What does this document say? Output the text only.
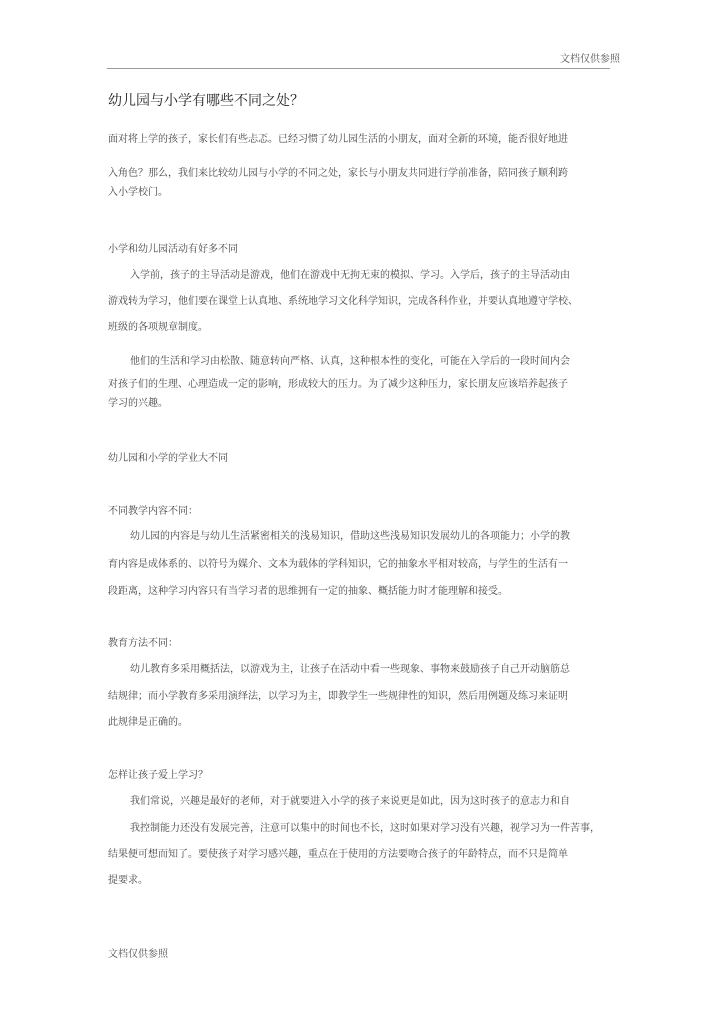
文档仅供参照
幼儿园与小学有哪些不同之处？
面对将上学的孩子，家长们有些忐忑。已经习惯了幼儿园生活的小朋友，面对全新的环境，能否很好地进
入角色？那么，我们来比较幼儿园与小学的不同之处，家长与小朋友共同进行学前准备，陪同孩子顺利跨
入小学校门。
小学和幼儿园活动有好多不同
入学前，孩子的主导活动是游戏，他们在游戏中无拘无束的模拟、学习。入学后，孩子的主导活动由
游戏转为学习，他们要在课堂上认真地、系统地学习文化科学知识，完成各科作业，并要认真地遵守学校、
班级的各项规章制度。
他们的生活和学习由松散、随意转向严格、认真，这种根本性的变化，可能在入学后的一段时间内会
对孩子们的生理、心理造成一定的影响，形成较大的压力。为了减少这种压力，家长朋友应该培养起孩子
学习的兴趣。
幼儿园和小学的学业大不同
不同教学内容不同：
幼儿园的内容是与幼儿生活紧密相关的浅易知识，借助这些浅易知识发展幼儿的各项能力；小学的教
育内容是成体系的、以符号为媒介、文本为载体的学科知识，它的抽象水平相对较高，与学生的生活有一
段距离，这种学习内容只有当学习者的思维拥有一定的抽象、概括能力时才能理解和接受。
教育方法不同：
幼儿教育多采用概括法，以游戏为主，让孩子在活动中看一些现象、事物来鼓励孩子自己开动脑筋总
结规律；而小学教育多采用演绎法，以学习为主，即教学生一些规律性的知识，然后用例题及练习来证明
此规律是正确的。
怎样让孩子爱上学习？
我们常说，兴趣是最好的老师，对于就要进入小学的孩子来说更是如此，因为这时孩子的意志力和自
我控制能力还没有发展完善，注意可以集中的时间也不长，这时如果对学习没有兴趣，视学习为一件苦事，
结果便可想而知了。要使孩子对学习感兴趣，重点在于使用的方法要吻合孩子的年龄特点，而不只是简单
提要求。
文档仅供参照
